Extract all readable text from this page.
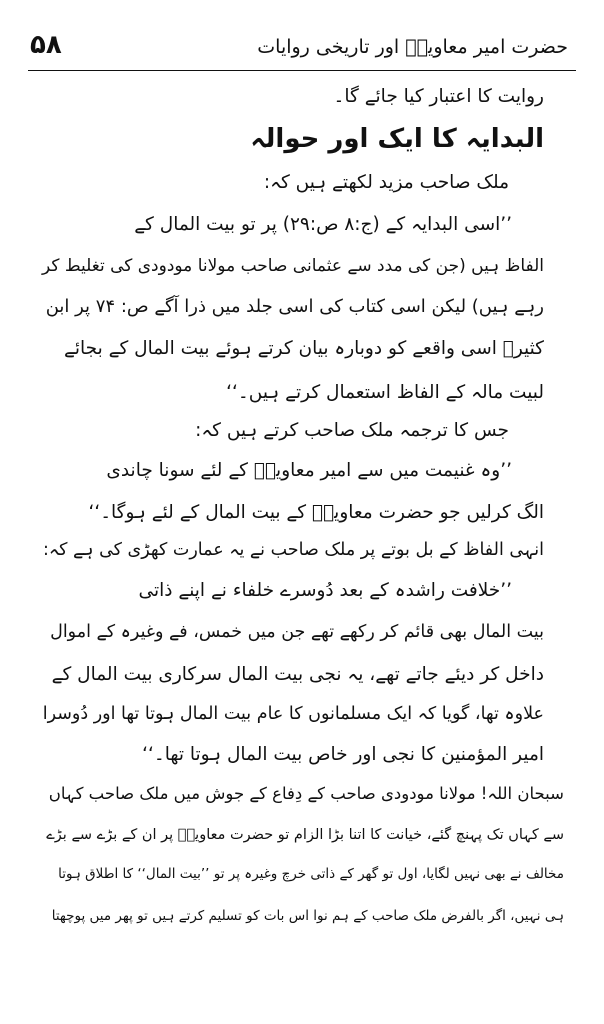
۵۸	حضرت امیر معاویہؓ اور تاریخی روایات
روایت کا اعتبار کیا جائے گا۔
البدایہ کا ایک اور حوالہ
ملک صاحب مزید لکھتے ہیں کہ:
’’اسی البدایہ کے (ج:۸ ص:۲۹) پر تو بیت المال کے
الفاظ ہیں (جن کی مدد سے عثمانی صاحب مولانا مودودی کی تغلیط کر
رہے ہیں) لیکن اسی کتاب کی اسی جلد میں ذرا آگے ص: ۷۴ پر ابن
کثیرؒ اسی واقعے کو دوبارہ بیان کرتے ہوئے بیت المال کے بجائے
لبیت مالہ کے الفاظ استعمال کرتے ہیں۔‘‘
جس کا ترجمہ ملک صاحب کرتے ہیں کہ:
’’وہ غنیمت میں سے امیر معاویہؓ کے لئے سونا چاندی
الگ کرلیں جو حضرت معاویہؓ کے بیت المال کے لئے ہوگا۔‘‘
انہی الفاظ کے بل بوتے پر ملک صاحب نے یہ عمارت کھڑی کی ہے کہ:
’’خلافت راشدہ کے بعد دُوسرے خلفاء نے اپنے ذاتی
بیت المال بھی قائم کر رکھے تھے جن میں خمس، فے وغیرہ کے اموال
داخل کر دیئے جاتے تھے، یہ نجی بیت المال سرکاری بیت المال کے
علاوہ تھا، گویا کہ ایک مسلمانوں کا عام بیت المال ہوتا تھا اور دُوسرا
امیر المؤمنین کا نجی اور خاص بیت المال ہوتا تھا۔‘‘
سبحان اللہ! مولانا مودودی صاحب کے دِفاع کے جوش میں ملک صاحب کہاں
سے کہاں تک پہنچ گئے، خیانت کا اتنا بڑا الزام تو حضرت معاویہؓ پر ان کے بڑے سے بڑے
مخالف نے بھی نہیں لگایا، اول تو گھر کے ذاتی خرچ وغیرہ پر تو ’’بیت المال‘‘ کا اطلاق ہوتا
ہی نہیں، اگر بالفرض ملک صاحب کے ہم نوا اس بات کو تسلیم کرتے ہیں تو پھر میں پوچھتا
